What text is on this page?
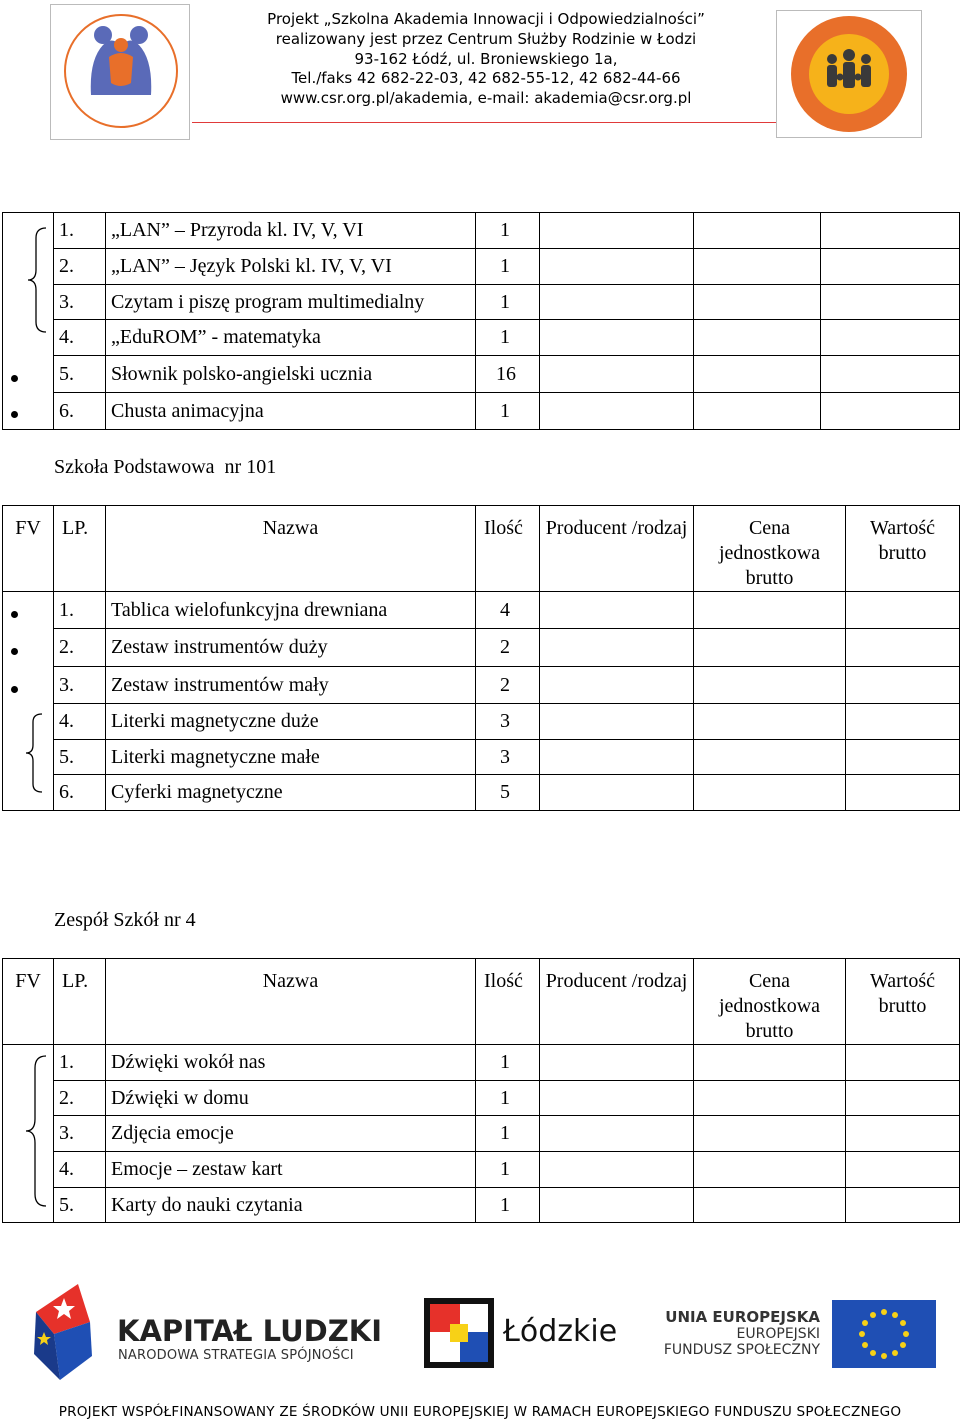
Projekt „Szkolna Akademia Innowacji i Odpowiedzialności”
realizowany jest przez Centrum Służby Rodzinie w Łodzi
93-162 Łódź, ul. Broniewskiego 1a,
Tel./faks 42 682-22-03, 42 682-55-12, 42 682-44-66
www.csr.org.pl/akademia, e-mail: akademia@csr.org.pl
	1.	„LAN” – Przyroda kl. IV, V, VI	1			
	2.	„LAN” – Język Polski kl. IV, V, VI	1			
	3.	Czytam i piszę program multimedialny	1			
	4.	„EduROM” - matematyka	1			

	5.	Słownik polsko-angielski ucznia	16			

	6.	Chusta animacyjna	1			
Szkoła Podstawowa  nr 101
FV	LP.	Nazwa	Ilość	Producent /rodzaj	Cena jednostkowa brutto	Wartość brutto

	1.	Tablica wielofunkcyjna drewniana	4			

	2.	Zestaw instrumentów duży	2			

	3.	Zestaw instrumentów mały	2			
	4.	Literki magnetyczne duże	3			
	5.	Literki magnetyczne małe	3			
	6.	Cyferki magnetyczne	5			
Zespół Szkół nr 4
FV	LP.	Nazwa	Ilość	Producent /rodzaj	Cena jednostkowa brutto	Wartość brutto
	1.	Dźwięki wokół nas	1			
	2.	Dźwięki w domu	1			
	3.	Zdjęcia emocje	1			
	4.	Emocje – zestaw kart	1			
	5.	Karty do nauki czytania	1			
KAPITAŁ LUDZKI
NARODOWA STRATEGIA SPÓJNOŚCI
Łódzkie	UNIA EUROPEJSKA
EUROPEJSKI
FUNDUSZ SPOŁECZNY
PROJEKT WSPÓŁFINANSOWANY ZE ŚRODKÓW UNII EUROPEJSKIEJ W RAMACH EUROPEJSKIEGO FUNDUSZU SPOŁECZNEGO
